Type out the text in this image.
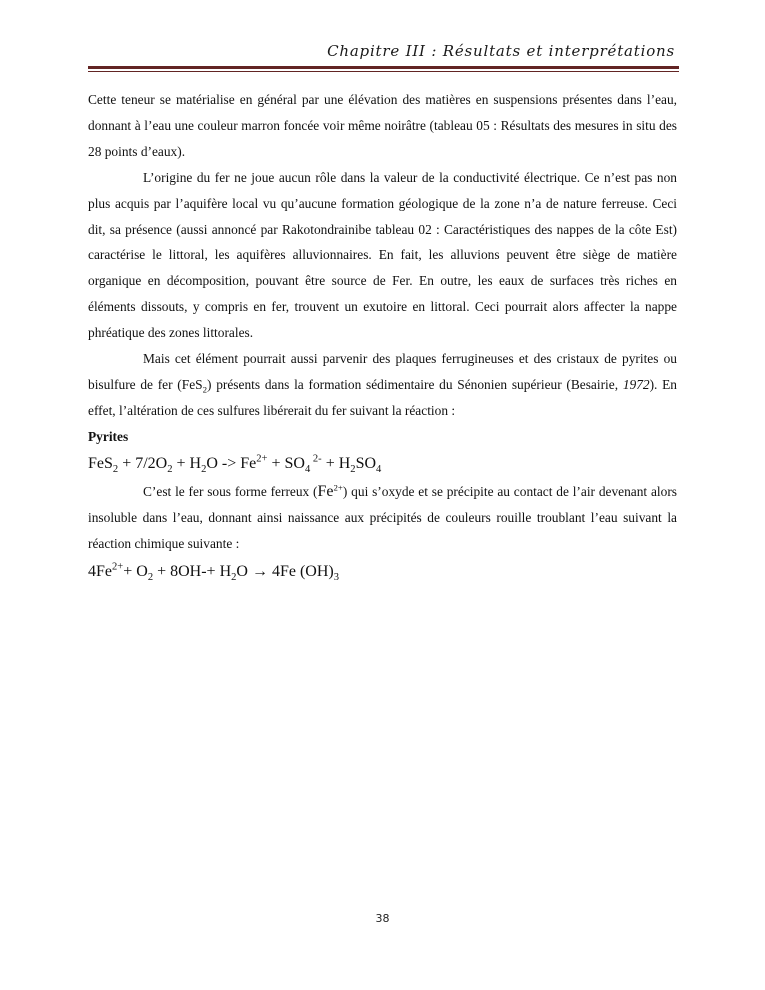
Chapitre III : Résultats et interprétations

Cette teneur se matérialise en général par une élévation des matières en suspensions présentes dans l’eau, donnant à l’eau une couleur marron foncée voir même noirâtre (tableau 05 : Résultats des mesures in situ des 28 points d’eaux).

L’origine du fer ne joue aucun rôle dans la valeur de la conductivité électrique. Ce n’est pas non plus acquis par l’aquifère local vu qu’aucune formation géologique de la zone n’a de nature ferreuse. Ceci dit, sa présence (aussi annoncé par Rakotondrainibe tableau 02 : Caractéristiques des nappes de la côte Est) caractérise le littoral, les aquifères alluvionnaires. En fait, les alluvions peuvent être siège de matière organique en décomposition, pouvant être source de Fer. En outre, les eaux de surfaces très riches en éléments dissouts, y compris en fer, trouvent un exutoire en littoral. Ceci pourrait alors affecter la nappe phréatique des zones littorales.

Mais cet élément pourrait aussi parvenir des plaques ferrugineuses et des cristaux de pyrites ou bisulfure de fer (FeS$_2$) présents dans la formation sédimentaire du Sénonien supérieur (Besairie, 1972). En effet, l’altération de ces sulfures libérerait du fer suivant la réaction :

Pyrites

$FeS_2 + 7/2O_2 + H_2O -> Fe^{2+} + SO_4$ $^{2-} + H_2SO_4$

C’est le fer sous forme ferreux $(Fe^{2+})$ qui s’oxyde et se précipite au contact de l’air devenant alors insoluble dans l’eau, donnant ainsi naissance aux précipités de couleurs rouille troublant l’eau suivant la réaction chimique suivante :

$4Fe^{2+}+ O_2 + 8OH-+ H_2O \to 4Fe$ $(OH)_3$

38
